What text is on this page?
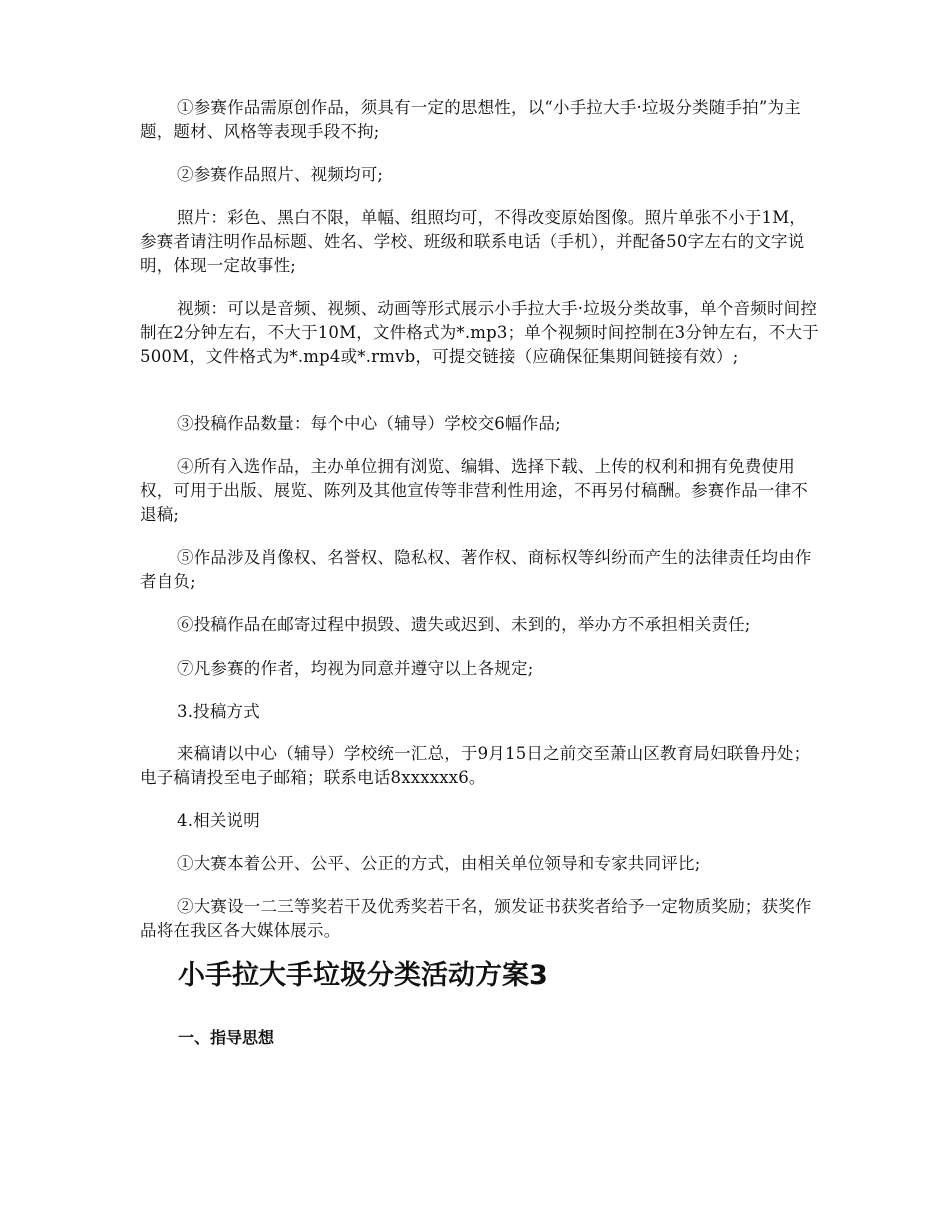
①参赛作品需原创作品，须具有一定的思想性，以“小手拉大手·垃圾分类随手拍”为主题，题材、风格等表现手段不拘;

②参赛作品照片、视频均可;

照片：彩色、黑白不限，单幅、组照均可，不得改变原始图像。照片单张不小于1M，参赛者请注明作品标题、姓名、学校、班级和联系电话（手机），并配备50字左右的文字说明，体现一定故事性;

视频：可以是音频、视频、动画等形式展示小手拉大手·垃圾分类故事，单个音频时间控制在2分钟左右，不大于10M，文件格式为*.mp3；单个视频时间控制在3分钟左右，不大于500M，文件格式为*.mp4或*.rmvb，可提交链接（应确保征集期间链接有效）;

③投稿作品数量：每个中心（辅导）学校交6幅作品;

④所有入选作品，主办单位拥有浏览、编辑、选择下载、上传的权利和拥有免费使用权，可用于出版、展览、陈列及其他宣传等非营利性用途，不再另付稿酬。参赛作品一律不退稿;

⑤作品涉及肖像权、名誉权、隐私权、著作权、商标权等纠纷而产生的法律责任均由作者自负;

⑥投稿作品在邮寄过程中损毁、遗失或迟到、未到的，举办方不承担相关责任;

⑦凡参赛的作者，均视为同意并遵守以上各规定;

3.投稿方式

来稿请以中心（辅导）学校统一汇总，于9月15日之前交至萧山区教育局妇联鲁丹处；电子稿请投至电子邮箱；联系电话8xxxxxx6。

4.相关说明

①大赛本着公开、公平、公正的方式，由相关单位领导和专家共同评比;

②大赛设一二三等奖若干及优秀奖若干名，颁发证书获奖者给予一定物质奖励；获奖作品将在我区各大媒体展示。

小手拉大手垃圾分类活动方案3
一、指导思想
